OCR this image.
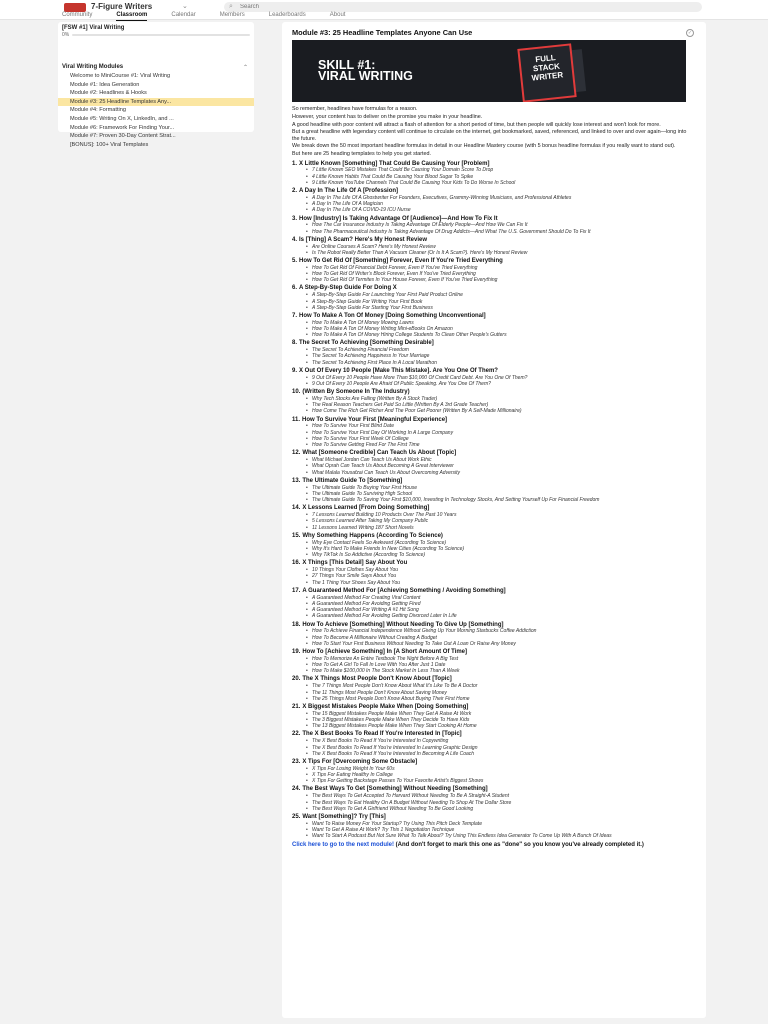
7-Figure Writers	⌄	⌕
Search
Community	Classroom	Calendar	Members	Leaderboards	About
[FSW #1] Viral Writing
0%
Viral Writing Modules	⌃
Welcome to MiniCourse #1: Viral Writing
Module #1: Idea Generation
Module #2: Headlines & Hooks
Module #3: 25 Headline Templates Any...
Module #4: Formatting
Module #5: Writing On X, LinkedIn, and ...
Module #6: Framework For Finding Your...
Module #7: Proven 30-Day Content Strat...
[BONUS]: 100+ Viral Templates
Module #3: 25 Headline Templates Anyone Can Use	✓
SKILL #1:
VIRAL WRITING
FULL STACK WRITER
So remember, headlines have formulas for a reason.
However, your content has to deliver on the promise you make in your headline.
A good headline with poor content will attract a flash of attention for a short period of time, but then people will quickly lose interest and won't look for more.
But a great headline with legendary content will continue to circulate on the internet, get bookmarked, saved, referenced, and linked to over and over again—long into the future.
We break down the 50 most important headline formulas in detail in our Headline Mastery course (with 5 bonus headline formulas if you really want to stand out).
But here are 25 heading templates to help you get started.
1. X Little Known [Something] That Could Be Causing Your [Problem]
• 7 Little Known SEO Mistakes That Could Be Causing Your Domain Score To Drop
• 4 Little Known Habits That Could Be Causing Your Blood Sugar To Spike
• 9 Little Known YouTube Channels That Could Be Causing Your Kids To Do Worse In School
2. A Day In The Life Of A [Profession]
• A Day In The Life Of A Ghostwriter For Founders, Executives, Grammy-Winning Musicians, and Professional Athletes
• A Day In The Life Of A Magician
• A Day In The Life Of A COVID-19 ICU Nurse
3. How [Industry] Is Taking Advantage Of [Audience]—And How To Fix It
• How The Car Insurance Industry Is Taking Advantage Of Elderly People—And How We Can Fix It
• How The Pharmaceutical Industry Is Taking Advantage Of Drug Addicts—And What The U.S. Government Should Do To Fix It
4. Is [Thing] A Scam? Here's My Honest Review
• Are Online Courses A Scam? Here's My Honest Review
• Is The Robot Really Better Than A Vacuum Cleaner (Or Is It A Scam?). Here's My Honest Review
5. How To Get Rid Of [Something] Forever, Even If You're Tried Everything
• How To Get Rid Of Financial Debt Forever, Even If You've Tried Everything
• How To Get Rid Of Writer's Block Forever, Even If You've Tried Everything
• How To Get Rid Of Termites In Your House Forever, Even If You've Tried Everything
6. A Step-By-Step Guide For Doing X
• A Step-By-Step Guide For Launching Your First Paid Product Online
• A Step-By-Step Guide For Writing Your First Book
• A Step-By-Step Guide For Starting Your First Business
7. How To Make A Ton Of Money [Doing Something Unconventional]
• How To Make A Ton Of Money Mowing Lawns
• How To Make A Ton Of Money Writing Mini-eBooks On Amazon
• How To Make A Ton Of Money Hiring College Students To Clean Other People's Gutters
8. The Secret To Achieving [Something Desirable]
• The Secret To Achieving Financial Freedom
• The Secret To Achieving Happiness In Your Marriage
• The Secret To Achieving First Place In A Local Marathon
9. X Out Of Every 10 People [Make This Mistake]. Are You One Of Them?
• 9 Out Of Every 10 People Have More Than $10,000 Of Credit Card Debt. Are You One Of Them?
• 9 Out Of Every 10 People Are Afraid Of Public Speaking. Are You One Of Them?
10. (Written By Someone In The Industry)
• Why Tech Stocks Are Falling (Written By A Stock Trader)
• The Real Reason Teachers Get Paid So Little (Written By A 3rd Grade Teacher)
• How Come The Rich Get Richer And The Poor Get Poorer (Written By A Self-Made Millionaire)
11. How To Survive Your First [Meaningful Experience]
• How To Survive Your First Blind Date
• How To Survive Your First Day Of Working In A Large Company
• How To Survive Your First Week Of College
• How To Survive Getting Fired For The First Time
12. What [Someone Credible] Can Teach Us About [Topic]
• What Michael Jordan Can Teach Us About Work Ethic
• What Oprah Can Teach Us About Becoming A Great Interviewer
• What Malala Yousafzai Can Teach Us About Overcoming Adversity
13. The Ultimate Guide To [Something]
• The Ultimate Guide To Buying Your First House
• The Ultimate Guide To Surviving High School
• The Ultimate Guide To Saving Your First $10,000, Investing In Technology Stocks, And Setting Yourself Up For Financial Freedom
14. X Lessons Learned [From Doing Something]
• 7 Lessons Learned Building 10 Products Over The Past 10 Years
• 5 Lessons Learned After Taking My Company Public
• 11 Lessons Learned Writing 187 Short Novels
15. Why Something Happens (According To Science)
• Why Eye Contact Feels So Awkward (According To Science)
• Why It's Hard To Make Friends In New Cities (According To Science)
• Why TikTok Is So Addictive (According To Science)
16. X Things [This Detail] Say About You
• 10 Things Your Clothes Say About You
• 27 Things Your Smile Says About You
• The 1 Thing Your Shoes Say About You
17. A Guaranteed Method For [Achieving Something / Avoiding Something]
• A Guaranteed Method For Creating Viral Content
• A Guaranteed Method For Avoiding Getting Fired
• A Guaranteed Method For Writing A #1 Hit Song
• A Guaranteed Method For Avoiding Getting Divorced Later In Life
18. How To Achieve [Something] Without Needing To Give Up [Something]
• How To Achieve Financial Independence Without Giving Up Your Morning Starbucks Coffee Addiction
• How To Become A Millionaire Without Creating A Budget
• How To Start Your First Business Without Needing To Take Out A Loan Or Raise Any Money
19. How To [Achieve Something] In [A Short Amount Of Time]
• How To Memorize An Entire Textbook The Night Before A Big Test
• How To Get A Girl To Fall In Love With You After Just 1 Date
• How To Make $100,000 In The Stock Market In Less Than A Week
20. The X Things Most People Don't Know About [Topic]
• The 7 Things Most People Don't Know About What It's Like To Be A Doctor
• The 11 Things Most People Don't Know About Saving Money
• The 25 Things Most People Don't Know About Buying Their First Home
21. X Biggest Mistakes People Make When [Doing Something]
• The 15 Biggest Mistakes People Make When They Get A Raise At Work
• The 3 Biggest Mistakes People Make When They Decide To Have Kids
• The 13 Biggest Mistakes People Make When They Start Cooking At Home
22. The X Best Books To Read If You're Interested In [Topic]
• The X Best Books To Read If You're Interested In Copywriting
• The X Best Books To Read If You're Interested In Learning Graphic Design
• The X Best Books To Read If You're Interested In Becoming A Life Coach
23. X Tips For [Overcoming Some Obstacle]
• X Tips For Losing Weight In Your 60s
• X Tips For Eating Healthy In College
• X Tips For Getting Backstage Passes To Your Favorite Artist's Biggest Shows
24. The Best Ways To Get [Something] Without Needing [Something]
• The Best Ways To Get Accepted To Harvard Without Needing To Be A Straight-A Student
• The Best Ways To Eat Healthy On A Budget Without Needing To Shop At The Dollar Store
• The Best Ways To Get A Girlfriend Without Needing To Be Good Looking
25. Want [Something]? Try [This]
• Want To Raise Money For Your Startup? Try Using This Pitch Deck Template
• Want To Get A Raise At Work? Try This 1 Negotiation Technique
• Want To Start A Podcast But Not Sure What To Talk About? Try Using This Endless Idea Generator To Come Up With A Bunch Of Ideas
Click here to go to the next module! (And don't forget to mark this one as "done" so you know you've already completed it.)
